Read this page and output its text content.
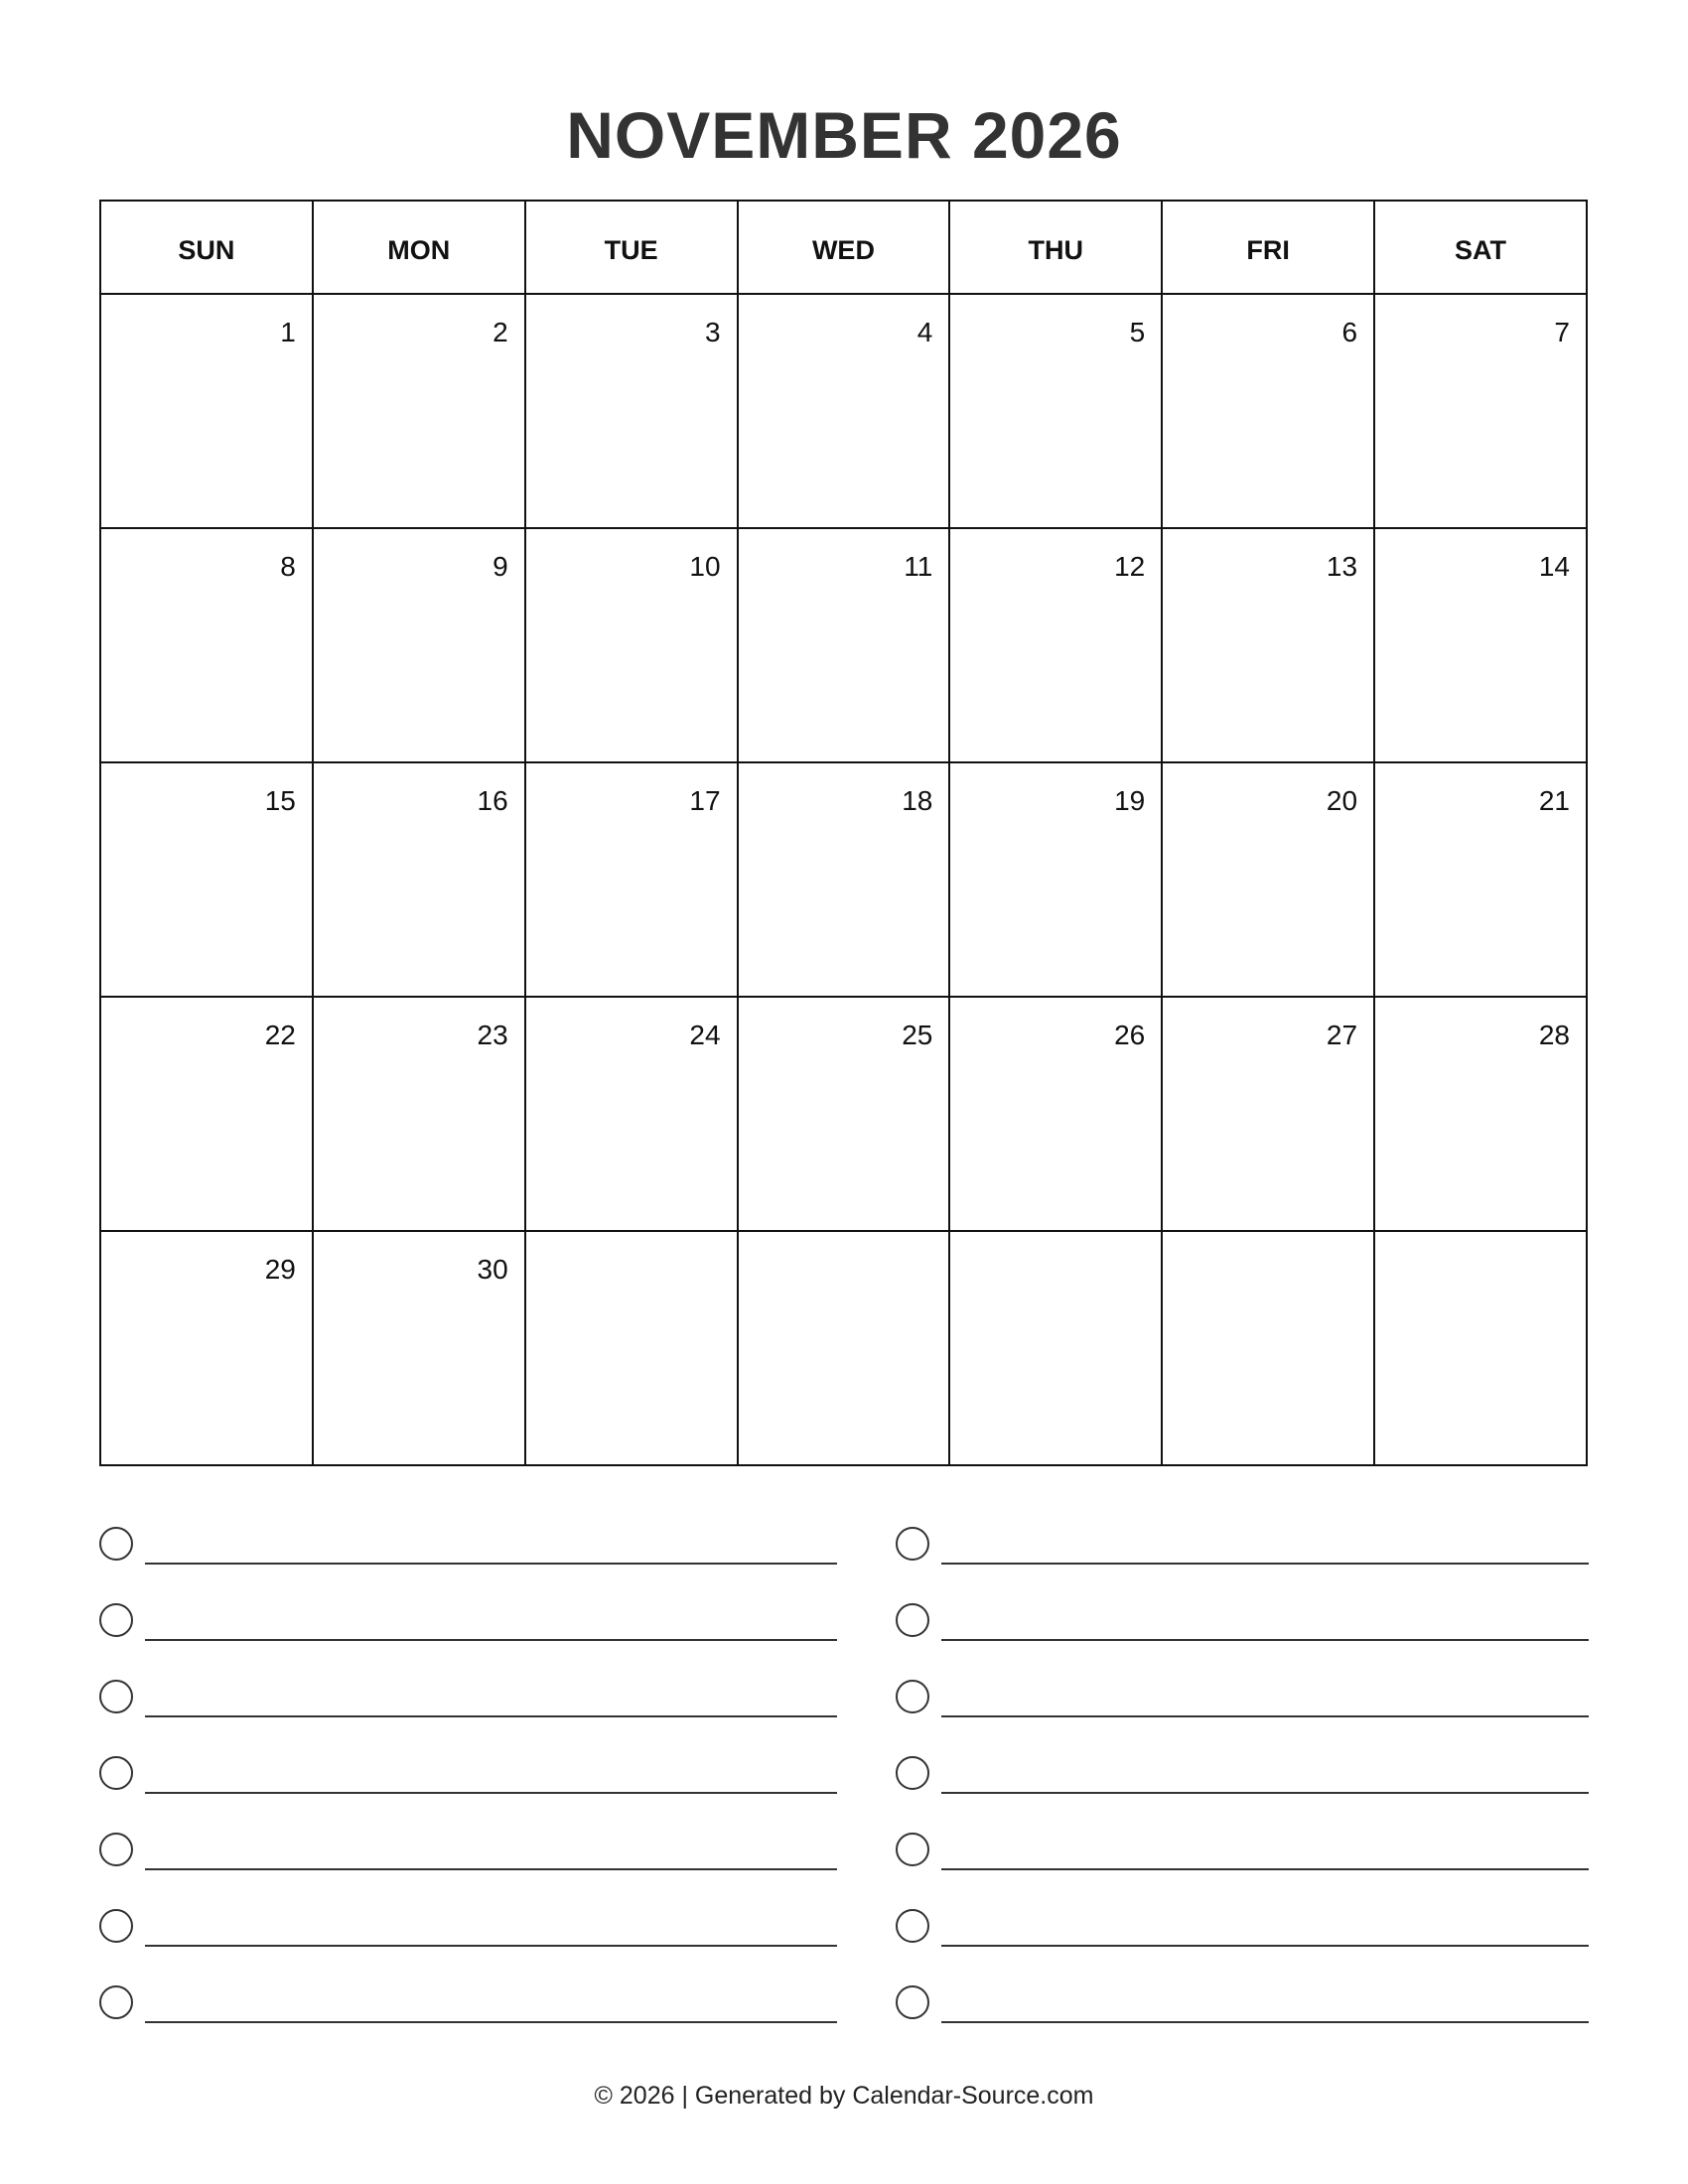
NOVEMBER 2026
SUN	MON	TUE	WED	THU	FRI	SAT

1	2	3	4	5	6	7

8	9	10	11	12	13	14

15	16	17	18	19	20	21

22	23	24	25	26	27	28

29	30					

© 2026 | Generated by Calendar-Source.com
